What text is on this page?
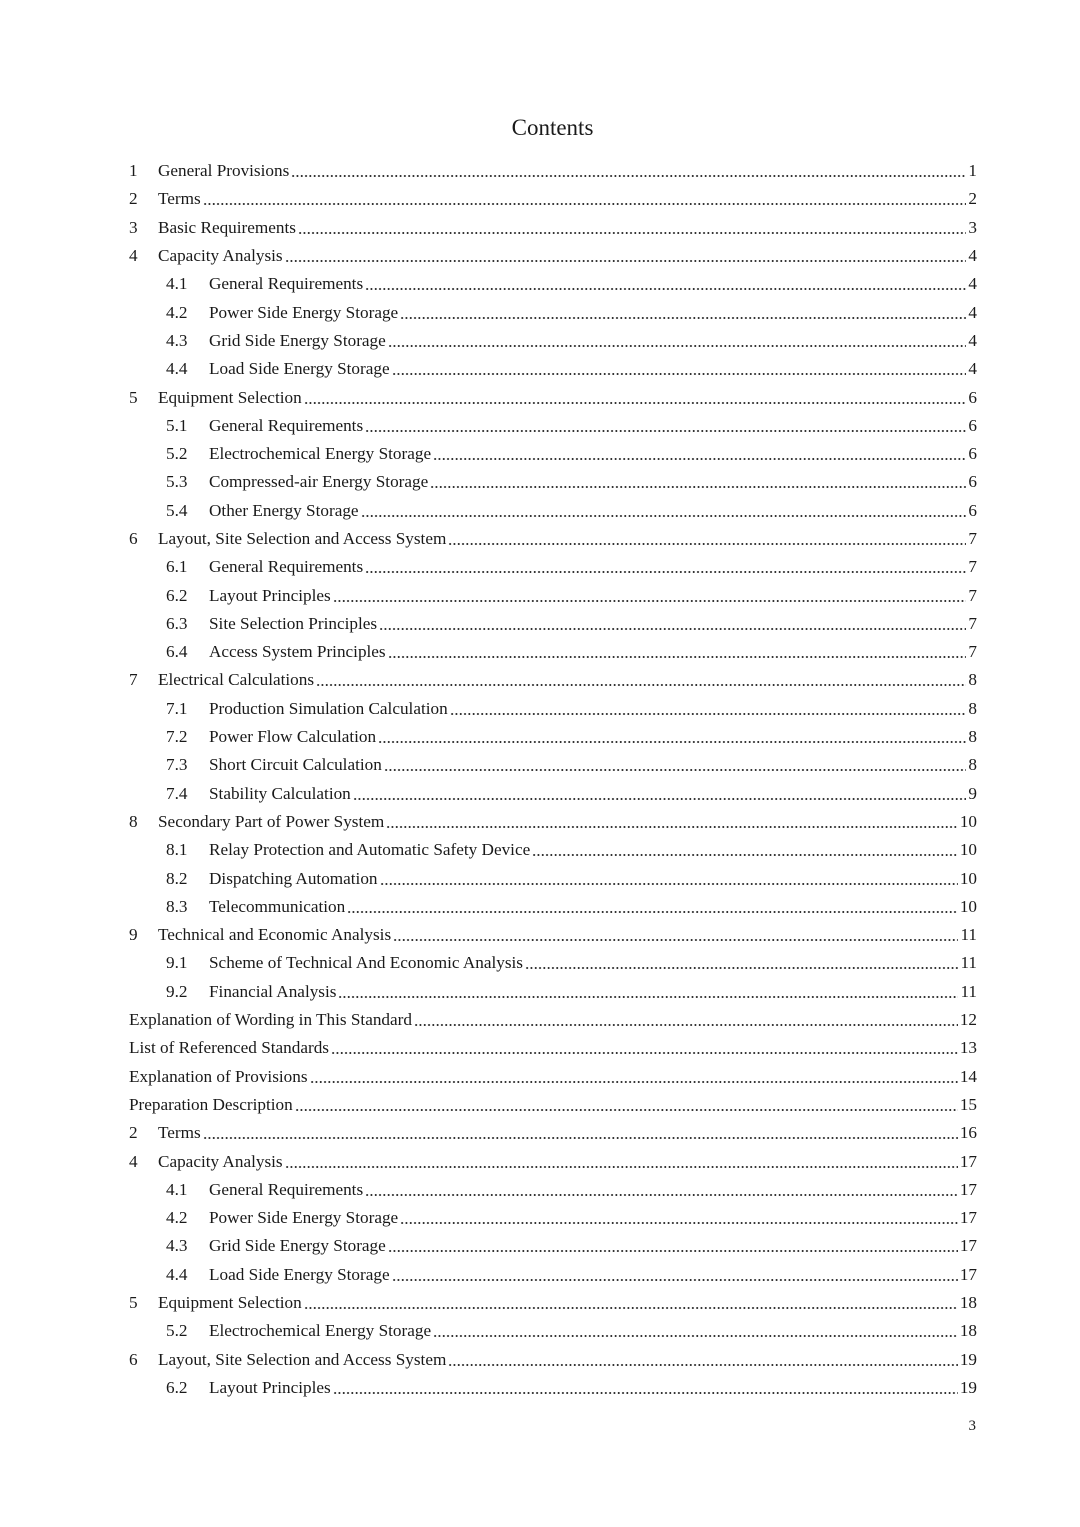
Contents
1	General Provisions	1
2	Terms	2
3	Basic Requirements	3
4	Capacity Analysis	4
4.1	General Requirements	4
4.2	Power Side Energy Storage	4
4.3	Grid Side Energy Storage	4
4.4	Load Side Energy Storage	4
5	Equipment Selection	6
5.1	General Requirements	6
5.2	Electrochemical Energy Storage	6
5.3	Compressed-air Energy Storage	6
5.4	Other Energy Storage	6
6	Layout, Site Selection and Access System	7
6.1	General Requirements	7
6.2	Layout Principles	7
6.3	Site Selection Principles	7
6.4	Access System Principles	7
7	Electrical Calculations	8
7.1	Production Simulation Calculation	8
7.2	Power Flow Calculation	8
7.3	Short Circuit Calculation	8
7.4	Stability Calculation	9
8	Secondary Part of Power System	10
8.1	Relay Protection and Automatic Safety Device	10
8.2	Dispatching Automation	10
8.3	Telecommunication	10
9	Technical and Economic Analysis	11
9.1	Scheme of Technical And Economic Analysis	11
9.2	Financial Analysis	11
Explanation of Wording in This Standard	12
List of Referenced Standards	13
Explanation of Provisions	14
Preparation Description	15
2	Terms	16
4	Capacity Analysis	17
4.1	General Requirements	17
4.2	Power Side Energy Storage	17
4.3	Grid Side Energy Storage	17
4.4	Load Side Energy Storage	17
5	Equipment Selection	18
5.2	Electrochemical Energy Storage	18
6	Layout, Site Selection and Access System	19
6.2	Layout Principles	19
3
